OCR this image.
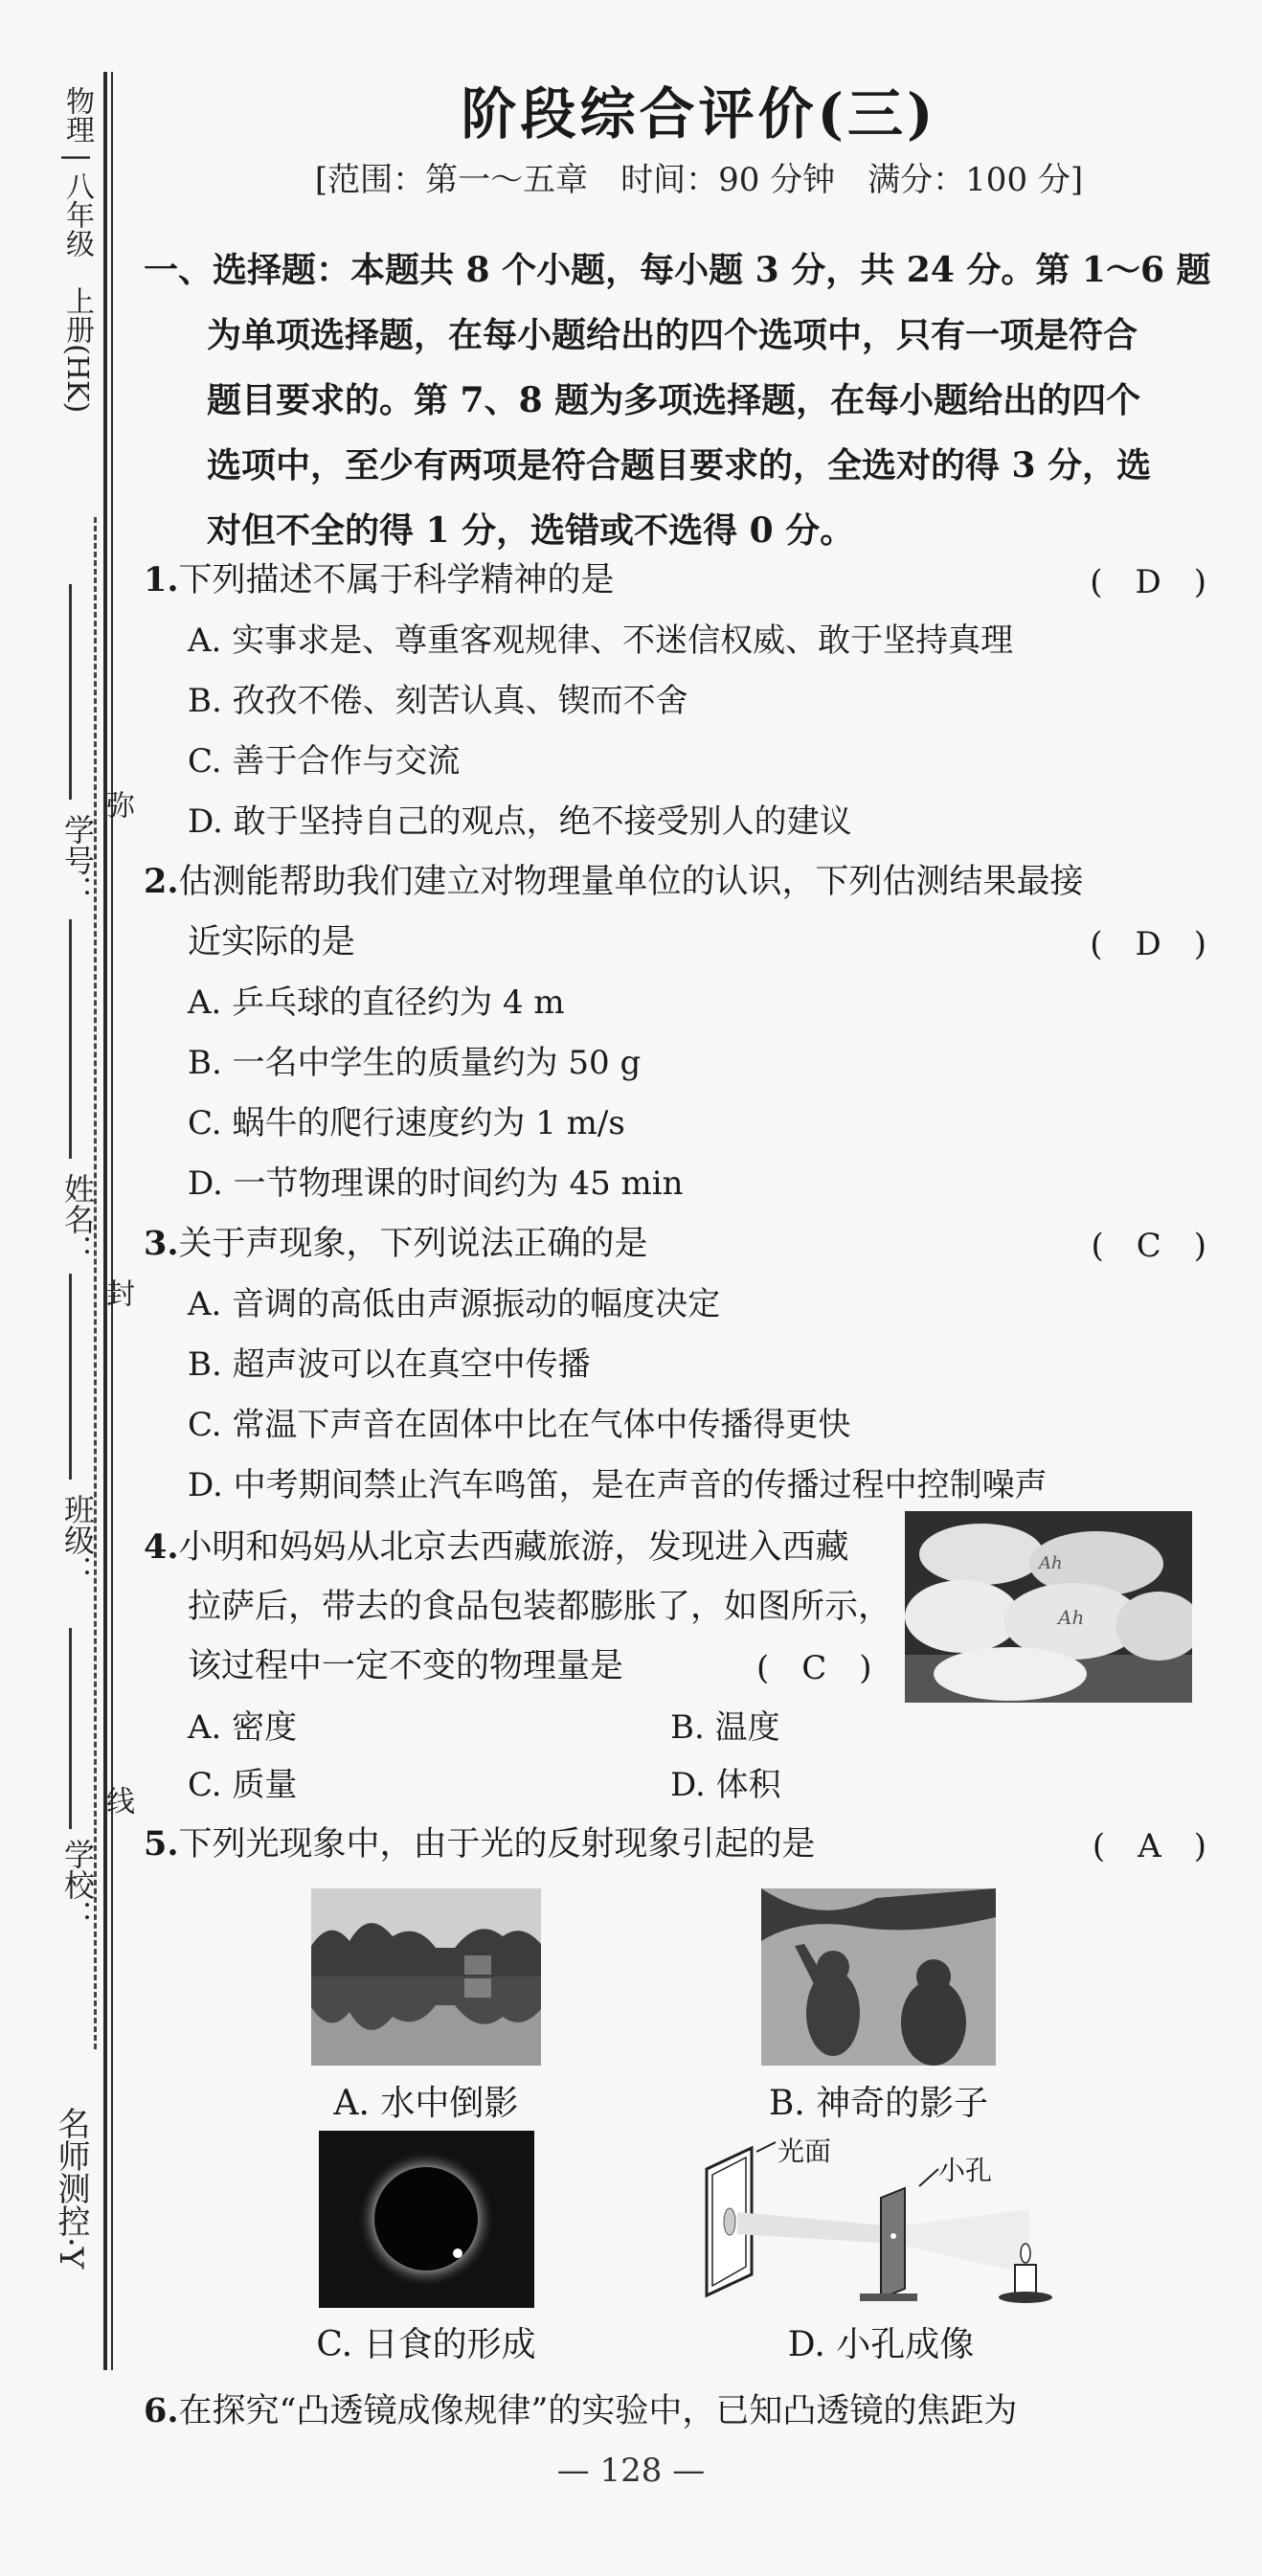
物理 | 八年级　上册(HK)
学号：
姓名：
班级：
学校：
弥
封
线
名师测控·Y
阶段综合评价(三)
[范围：第一～五章　时间：90 分钟　满分：100 分]
一、选择题：本题共 8 个小题，每小题 3 分，共 24 分。第 1～6 题
为单项选择题，在每小题给出的四个选项中，只有一项是符合
题目要求的。第 7、8 题为多项选择题，在每小题给出的四个
选项中，至少有两项是符合题目要求的，全选对的得 3 分，选
对但不全的得 1 分，选错或不选得 0 分。
1.下列描述不属于科学精神的是	(　D　)
A. 实事求是、尊重客观规律、不迷信权威、敢于坚持真理
B. 孜孜不倦、刻苦认真、锲而不舍
C. 善于合作与交流
D. 敢于坚持自己的观点，绝不接受别人的建议
2.估测能帮助我们建立对物理量单位的认识，下列估测结果最接
近实际的是	(　D　)
A. 乒乓球的直径约为 4 m
B. 一名中学生的质量约为 50 g
C. 蜗牛的爬行速度约为 1 m/s
D. 一节物理课的时间约为 45 min
3.关于声现象，下列说法正确的是	(　C　)
A. 音调的高低由声源振动的幅度决定
B. 超声波可以在真空中传播
C. 常温下声音在固体中比在气体中传播得更快
D. 中考期间禁止汽车鸣笛，是在声音的传播过程中控制噪声
4.小明和妈妈从北京去西藏旅游，发现进入西藏
拉萨后，带去的食品包装都膨胀了，如图所示，
该过程中一定不变的物理量是	(　C　)
A. 密度	B. 温度
C. 质量	D. 体积
Ah
Ah
5.下列光现象中，由于光的反射现象引起的是	(　A　)
A. 水中倒影	B. 神奇的影子
C. 日食的形成
光面
小孔
D. 小孔成像
6.在探究“凸透镜成像规律”的实验中，已知凸透镜的焦距为
— 128 —
